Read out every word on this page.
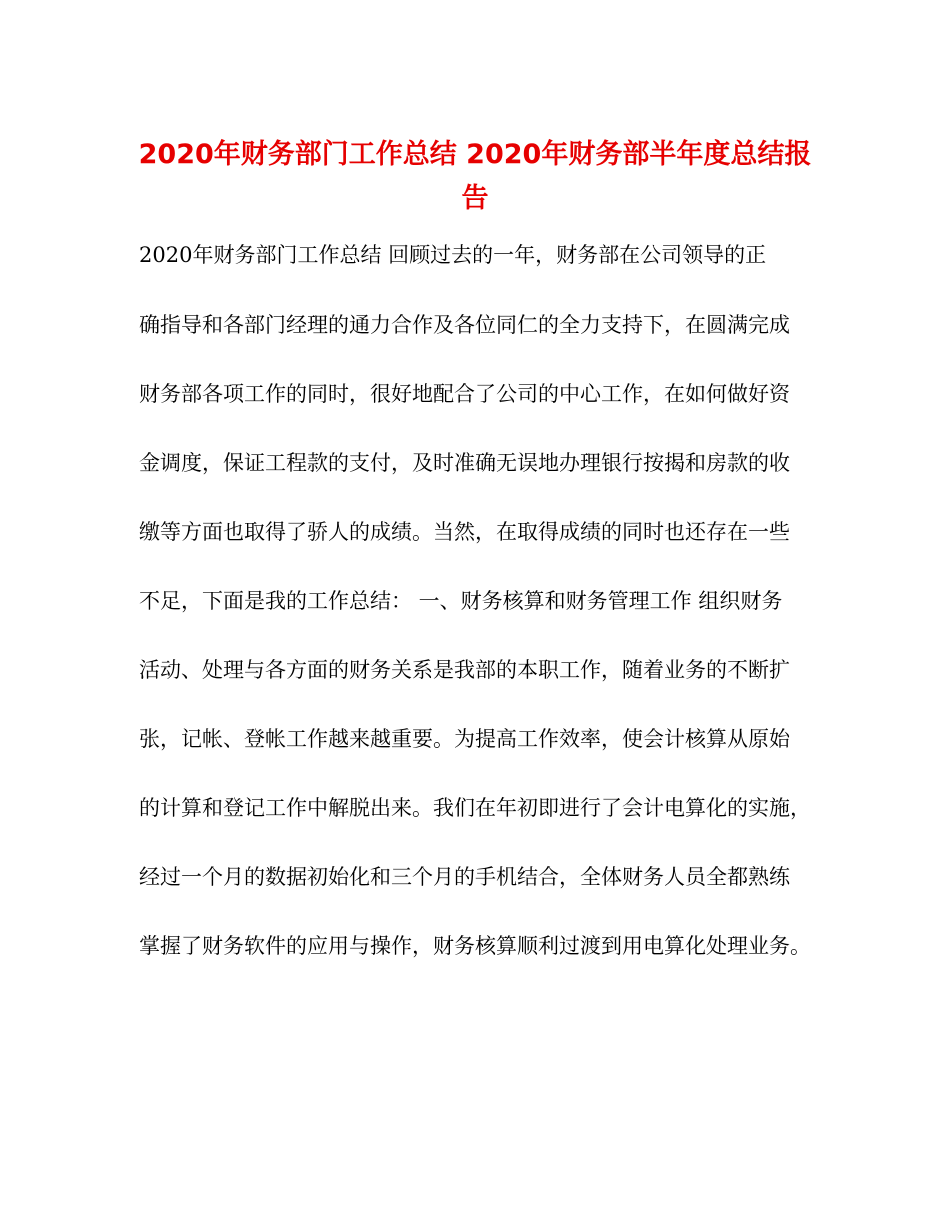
2020年财务部门工作总结 2020年财务部半年度总结报
告
2020年财务部门工作总结 回顾过去的一年，财务部在公司领导的正
确指导和各部门经理的通力合作及各位同仁的全力支持下，在圆满完成
财务部各项工作的同时，很好地配合了公司的中心工作，在如何做好资
金调度，保证工程款的支付，及时准确无误地办理银行按揭和房款的收
缴等方面也取得了骄人的成绩。当然，在取得成绩的同时也还存在一些
不足，下面是我的工作总结： 一、财务核算和财务管理工作 组织财务
活动、处理与各方面的财务关系是我部的本职工作，随着业务的不断扩
张，记帐、登帐工作越来越重要。为提高工作效率，使会计核算从原始
的计算和登记工作中解脱出来。我们在年初即进行了会计电算化的实施，
经过一个月的数据初始化和三个月的手机结合，全体财务人员全都熟练
掌握了财务软件的应用与操作，财务核算顺利过渡到用电算化处理业务。
